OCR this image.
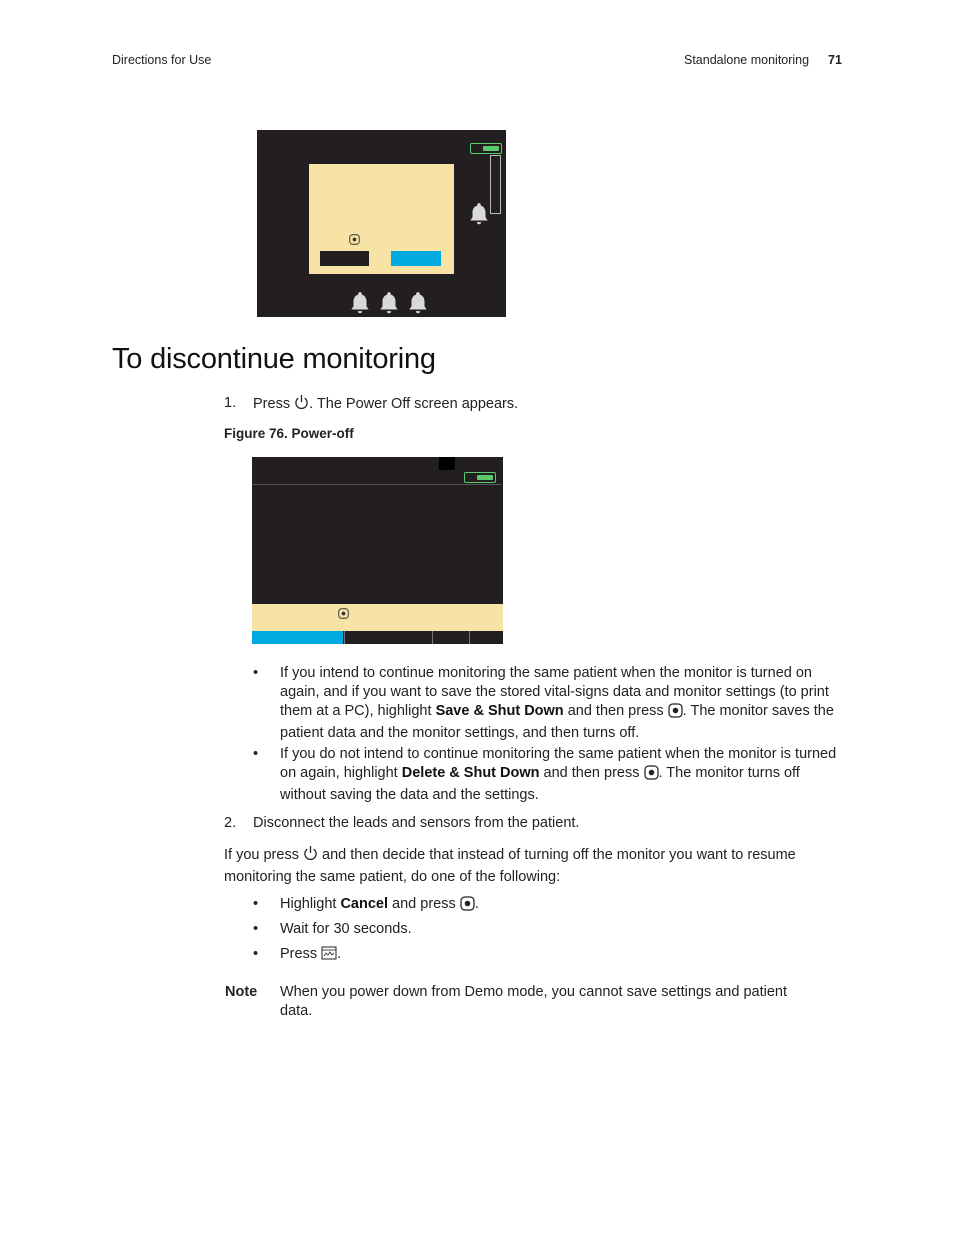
Directions for Use	Standalone monitoring 71
To discontinue monitoring
1. Press . The Power Off screen appears.
Figure 76. Power-off
• If you intend to continue monitoring the same patient when the monitor is turned on again, and if you want to save the stored vital-signs data and monitor settings (to print them at a PC), highlight Save & Shut Down and then press . The monitor saves the patient data and the monitor settings, and then turns off.
• If you do not intend to continue monitoring the same patient when the monitor is turned on again, highlight Delete & Shut Down and then press . The monitor turns off without saving the data and the settings.
2. Disconnect the leads and sensors from the patient.
If you press and then decide that instead of turning off the monitor you want to resume monitoring the same patient, do one of the following:
• Highlight Cancel and press .
• Wait for 30 seconds.
• Press .
Note When you power down from Demo mode, you cannot save settings and patient data.
